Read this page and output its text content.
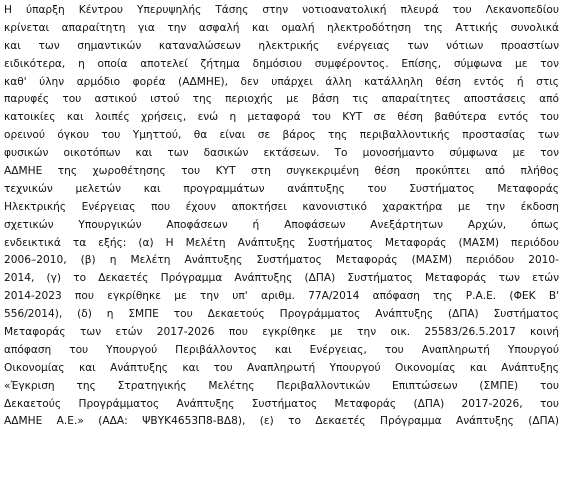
Η ύπαρξη Κέντρου Υπερυψηλής Τάσης στην νοτιοανατολική πλευρά του Λεκανοπεδίου
κρίνεται απαραίτητη για την ασφαλή και ομαλή ηλεκτροδότηση της Αττικής συνολικά
και των σημαντικών καταναλώσεων ηλεκτρικής ενέργειας των νότιων προαστίων
ειδικότερα, η οποία αποτελεί ζήτημα δημόσιου συμφέροντος. Επίσης, σύμφωνα με τον
καθ' ύλην αρμόδιο φορέα (ΑΔΜΗΕ), δεν υπάρχει άλλη κατάλληλη θέση εντός ή στις
παρυφές του αστικού ιστού της περιοχής με βάση τις απαραίτητες αποστάσεις από
κατοικίες και λοιπές χρήσεις, ενώ η μεταφορά του ΚΥΤ σε θέση βαθύτερα εντός του
ορεινού όγκου του Υμηττού, θα είναι σε βάρος της περιβαλλοντικής προστασίας των
φυσικών οικοτόπων και των δασικών εκτάσεων. Το μονοσήμαντο σύμφωνα με τον
ΑΔΜΗΕ της χωροθέτησης του ΚΥΤ στη συγκεκριμένη θέση προκύπτει από πλήθος
τεχνικών μελετών και προγραμμάτων ανάπτυξης του Συστήματος Μεταφοράς
Ηλεκτρικής Ενέργειας που έχουν αποκτήσει κανονιστικό χαρακτήρα με την έκδοση
σχετικών Υπουργικών Αποφάσεων ή Αποφάσεων Ανεξάρτητων Αρχών, όπως
ενδεικτικά τα εξής: (α) Η Μελέτη Ανάπτυξης Συστήματος Μεταφοράς (ΜΑΣΜ) περιόδου
2006–2010, (β) η Μελέτη Ανάπτυξης Συστήματος Μεταφοράς (ΜΑΣΜ) περιόδου 2010-
2014, (γ) το Δεκαετές Πρόγραμμα Ανάπτυξης (ΔΠΑ) Συστήματος Μεταφοράς των ετών
2014-2023 που εγκρίθηκε με την υπ' αριθμ. 77Α/2014 απόφαση της Ρ.Α.Ε. (ΦΕΚ Β'
556/2014), (δ) η ΣΜΠΕ του Δεκαετούς Προγράμματος Ανάπτυξης (ΔΠΑ) Συστήματος
Μεταφοράς των ετών 2017-2026 που εγκρίθηκε με την οικ. 25583/26.5.2017 κοινή
απόφαση του Υπουργού Περιβάλλοντος και Ενέργειας, του Αναπληρωτή Υπουργού
Οικονομίας και Ανάπτυξης και του Αναπληρωτή Υπουργού Οικονομίας και Ανάπτυξης
«Έγκριση της Στρατηγικής Μελέτης Περιβαλλοντικών Επιπτώσεων (ΣΜΠΕ) του
Δεκαετούς Προγράμματος Ανάπτυξης Συστήματος Μεταφοράς (ΔΠΑ) 2017-2026, του
ΑΔΜΗΕ Α.Ε.» (ΑΔΑ: ΨΒΥΚ4653Π8-ΒΔ8), (ε) το Δεκαετές Πρόγραμμα Ανάπτυξης (ΔΠΑ)
